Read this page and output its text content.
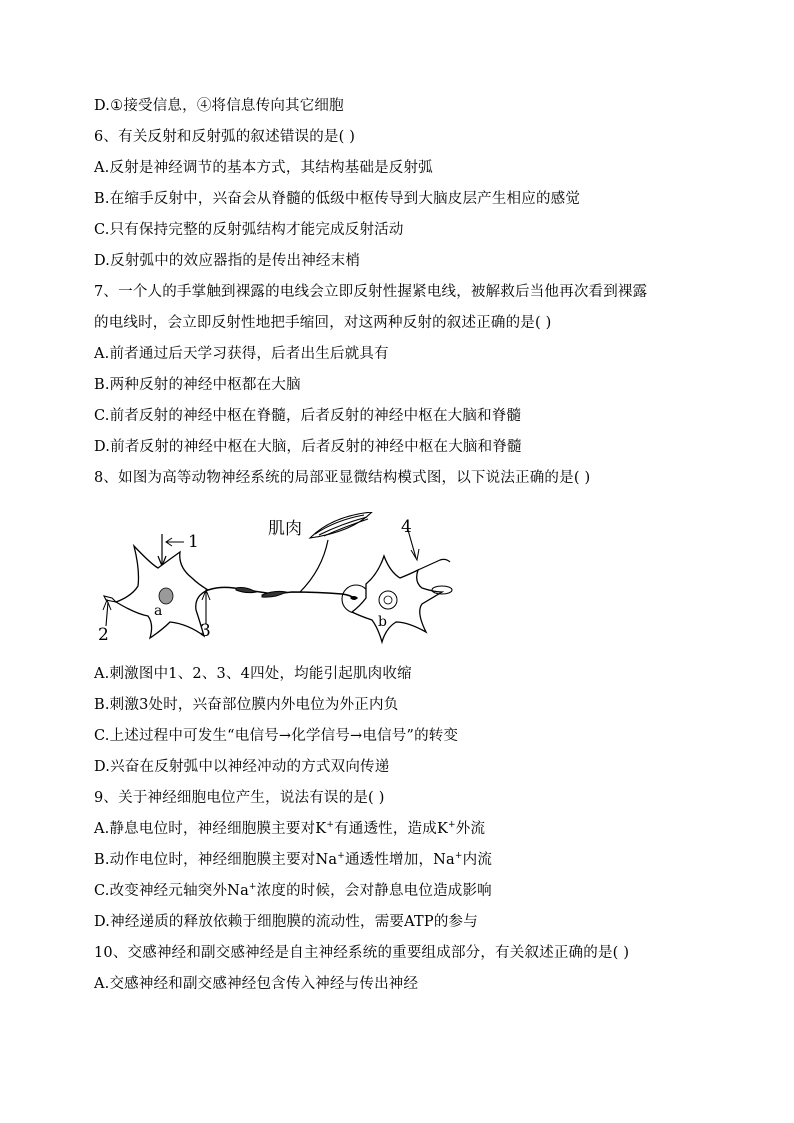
D.①接受信息，④将信息传向其它细胞
6、有关反射和反射弧的叙述错误的是( )
A.反射是神经调节的基本方式，其结构基础是反射弧
B.在缩手反射中，兴奋会从脊髓的低级中枢传导到大脑皮层产生相应的感觉
C.只有保持完整的反射弧结构才能完成反射活动
D.反射弧中的效应器指的是传出神经末梢
7、一个人的手掌触到裸露的电线会立即反射性握紧电线，被解救后当他再次看到裸露
的电线时，会立即反射性地把手缩回，对这两种反射的叙述正确的是( )
A.前者通过后天学习获得，后者出生后就具有
B.两种反射的神经中枢都在大脑
C.前者反射的神经中枢在脊髓，后者反射的神经中枢在大脑和脊髓
D.前者反射的神经中枢在大脑，后者反射的神经中枢在大脑和脊髓
8、如图为高等动物神经系统的局部亚显微结构模式图，以下说法正确的是( )
肌肉
1
a
2	3	b
4
A.刺激图中1、2、3、4四处，均能引起肌肉收缩
B.刺激3处时，兴奋部位膜内外电位为外正内负
C.上述过程中可发生“电信号→化学信号→电信号”的转变
D.兴奋在反射弧中以神经冲动的方式双向传递
9、关于神经细胞电位产生，说法有误的是( )
A.静息电位时，神经细胞膜主要对K+有通透性，造成K+外流
B.动作电位时，神经细胞膜主要对Na+通透性增加，Na+内流
C.改变神经元轴突外Na+浓度的时候，会对静息电位造成影响
D.神经递质的释放依赖于细胞膜的流动性，需要ATP的参与
10、交感神经和副交感神经是自主神经系统的重要组成部分，有关叙述正确的是( )
A.交感神经和副交感神经包含传入神经与传出神经
